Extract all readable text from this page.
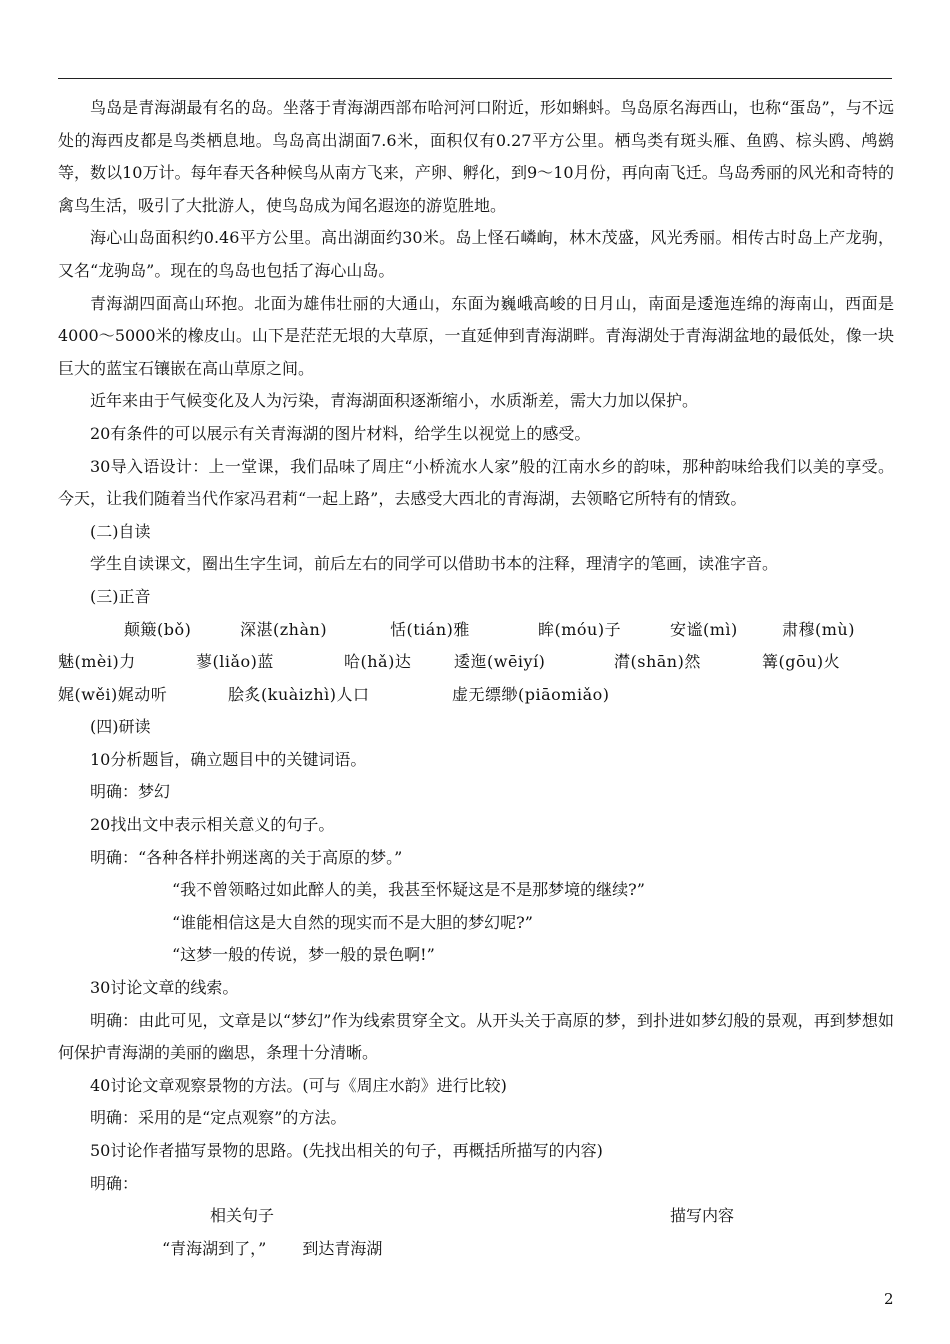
鸟岛是青海湖最有名的岛。坐落于青海湖西部布哈河河口附近，形如蝌蚪。鸟岛原名海西山，也称“蛋岛”，与不远处的海西皮都是鸟类栖息地。鸟岛高出湖面7.6米，面积仅有0.27平方公里。栖鸟类有斑头雁、鱼鸥、棕头鸥、鸬鹚等，数以10万计。每年春天各种候鸟从南方飞来，产卵、孵化，到9～10月份，再向南飞迁。鸟岛秀丽的风光和奇特的禽鸟生活，吸引了大批游人，使鸟岛成为闻名遐迩的游览胜地。

海心山岛面积约0.46平方公里。高出湖面约30米。岛上怪石嶙峋，林木茂盛，风光秀丽。相传古时岛上产龙驹，又名“龙驹岛”。现在的鸟岛也包括了海心山岛。

青海湖四面高山环抱。北面为雄伟壮丽的大通山，东面为巍峨高峻的日月山，南面是逶迤连绵的海南山，西面是4000～5000米的橡皮山。山下是茫茫无垠的大草原，一直延伸到青海湖畔。青海湖处于青海湖盆地的最低处，像一块巨大的蓝宝石镶嵌在高山草原之间。

近年来由于气候变化及人为污染，青海湖面积逐渐缩小，水质渐差，需大力加以保护。

20有条件的可以展示有关青海湖的图片材料，给学生以视觉上的感受。

30导入语设计：上一堂课，我们品味了周庄“小桥流水人家”般的江南水乡的韵味，那种韵味给我们以美的享受。今天，让我们随着当代作家冯君莉“一起上路”，去感受大西北的青海湖，去领略它所特有的情致。

(二)自读

学生自读课文，圈出生字生词，前后左右的同学可以借助书本的注释，理清字的笔画，读准字音。

(三)正音

颠簸(bǒ)	深湛(zhàn)	恬(tián)雅	眸(móu)子	安谧(mì)	肃穆(mù)
魅(mèi)力	蓼(liǎo)蓝	哈(hǎ)达	逶迤(wēiyí)	潸(shān)然	篝(gōu)火
娓(wěi)娓动听	脍炙(kuàizhì)人口	虚无缥缈(piāomiǎo)

(四)研读

10分析题旨，确立题目中的关键词语。

明确：梦幻

20找出文中表示相关意义的句子。

明确：“各种各样扑朔迷离的关于高原的梦。”

“我不曾领略过如此醉人的美，我甚至怀疑这是不是那梦境的继续?”

“谁能相信这是大自然的现实而不是大胆的梦幻呢?”

“这梦一般的传说，梦一般的景色啊!”

30讨论文章的线索。

明确：由此可见，文章是以“梦幻”作为线索贯穿全文。从开头关于高原的梦，到扑进如梦幻般的景观，再到梦想如何保护青海湖的美丽的幽思，条理十分清晰。

40讨论文章观察景物的方法。(可与《周庄水韵》进行比较)

明确：采用的是“定点观察”的方法。

50讨论作者描写景物的思路。(先找出相关的句子，再概括所描写的内容)

明确：

相关句子	描写内容
“青海湖到了，” 到达青海湖
2
